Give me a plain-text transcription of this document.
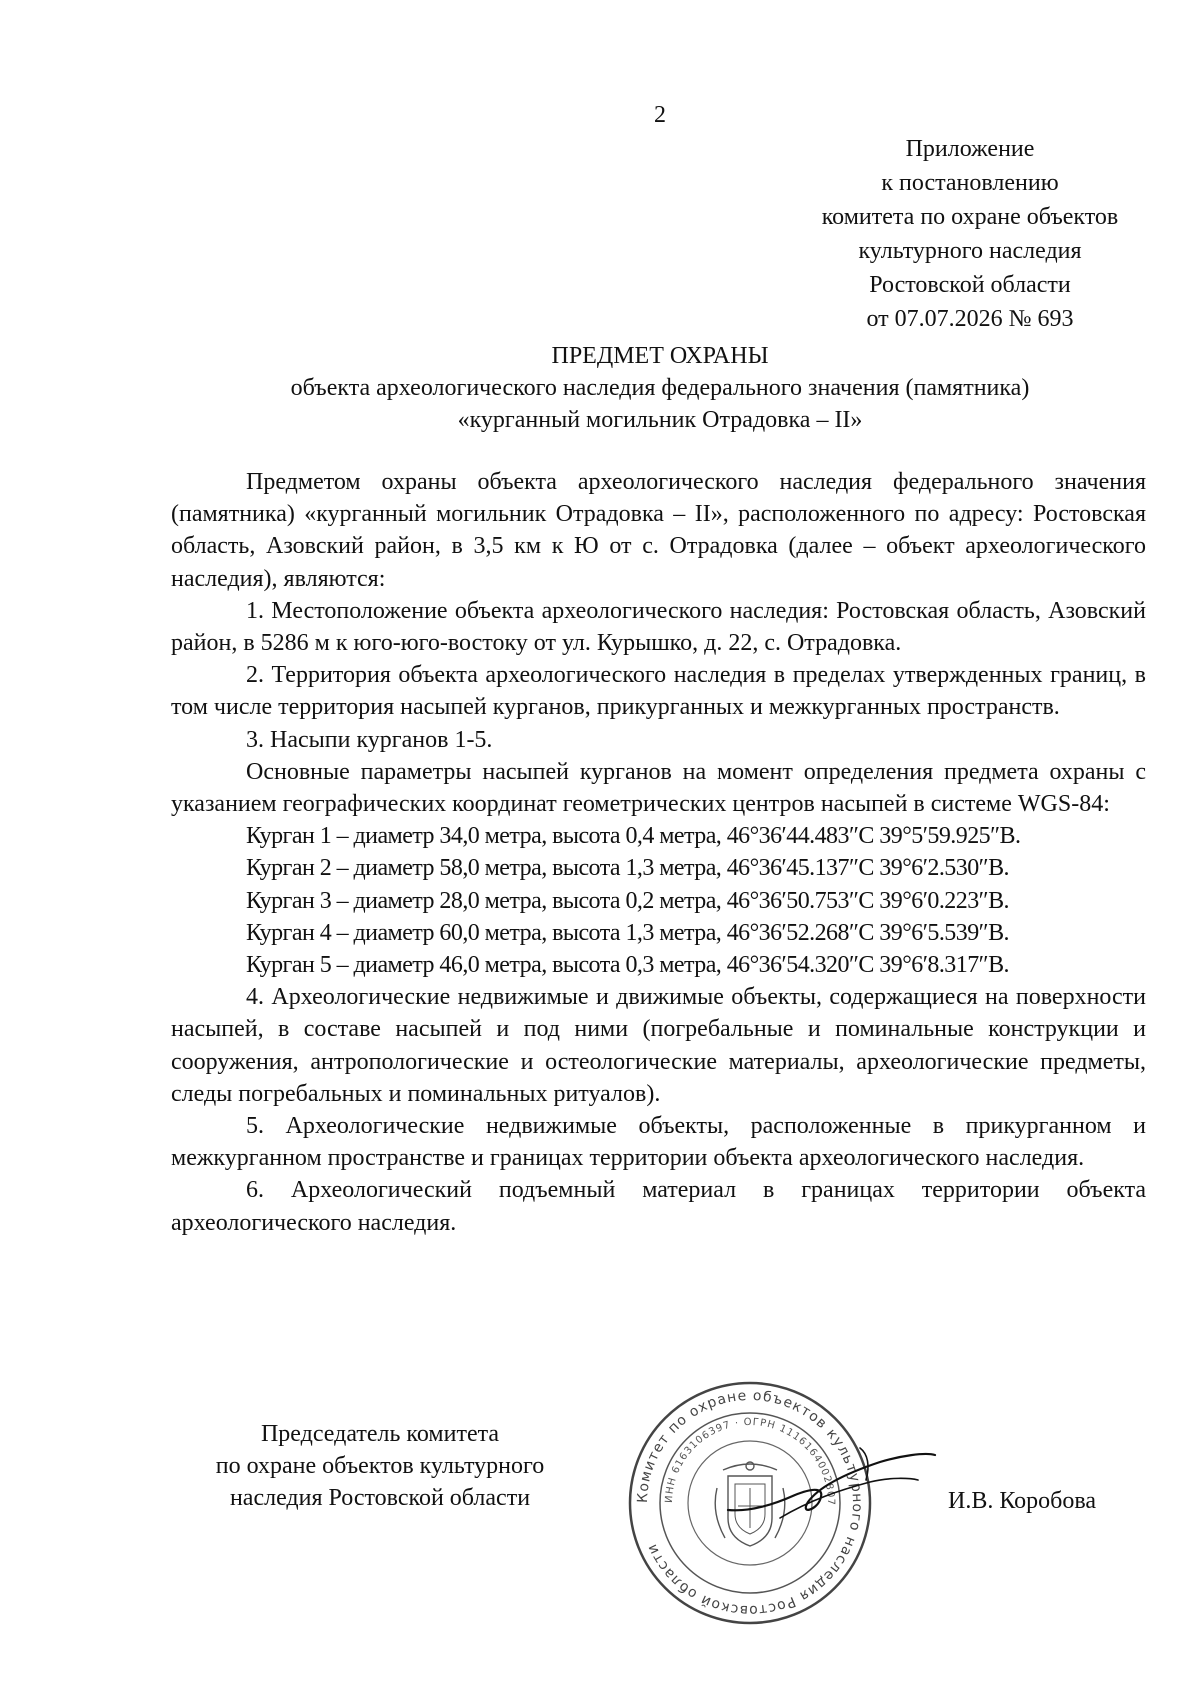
2
Приложение
к постановлению
комитета по охране объектов
культурного наследия
Ростовской области
от 07.07.2026 № 693
ПРЕДМЕТ ОХРАНЫ
объекта археологического наследия федерального значения (памятника)
«курганный могильник Отрадовка – II»

Предметом охраны объекта археологического наследия федерального значения (памятника) «курганный могильник Отрадовка – II», расположенного по адресу: Ростовская область, Азовский район, в 3,5 км к Ю от с. Отрадовка (далее – объект археологического наследия), являются:

1. Местоположение объекта археологического наследия: Ростовская область, Азовский район, в 5286 м к юго-юго-востоку от ул. Курышко, д. 22, с. Отрадовка.

2. Территория объекта археологического наследия в пределах утвержденных границ, в том числе территория насыпей курганов, прикурганных и межкурганных пространств.

3. Насыпи курганов 1-5.

Основные параметры насыпей курганов на момент определения предмета охраны с указанием географических координат геометрических центров насыпей в системе WGS-84:

Курган 1 – диаметр 34,0 метра, высота 0,4 метра, 46°36′44.483″С 39°5′59.925″В.

Курган 2 – диаметр 58,0 метра, высота 1,3 метра, 46°36′45.137″С 39°6′2.530″В.

Курган 3 – диаметр 28,0 метра, высота 0,2 метра, 46°36′50.753″С 39°6′0.223″В.

Курган 4 – диаметр 60,0 метра, высота 1,3 метра, 46°36′52.268″С 39°6′5.539″В.

Курган 5 – диаметр 46,0 метра, высота 0,3 метра, 46°36′54.320″С 39°6′8.317″В.

4. Археологические недвижимые и движимые объекты, содержащиеся на поверхности насыпей, в составе насыпей и под ними (погребальные и поминальные конструкции и сооружения, антропологические и остеологические материалы, археологические предметы, следы погребальных и поминальных ритуалов).

5. Археологические недвижимые объекты, расположенные в прикурганном и межкурганном пространстве и границах территории объекта археологического наследия.

6. Археологический подъемный материал в границах территории объекта археологического наследия.

Председатель комитета
по охране объектов культурного
наследия Ростовской области	Комитет по охране объектов культурного наследия Ростовской области
ИНН 6163106397 · ОГРН 1116164002807	И.В. Коробова
